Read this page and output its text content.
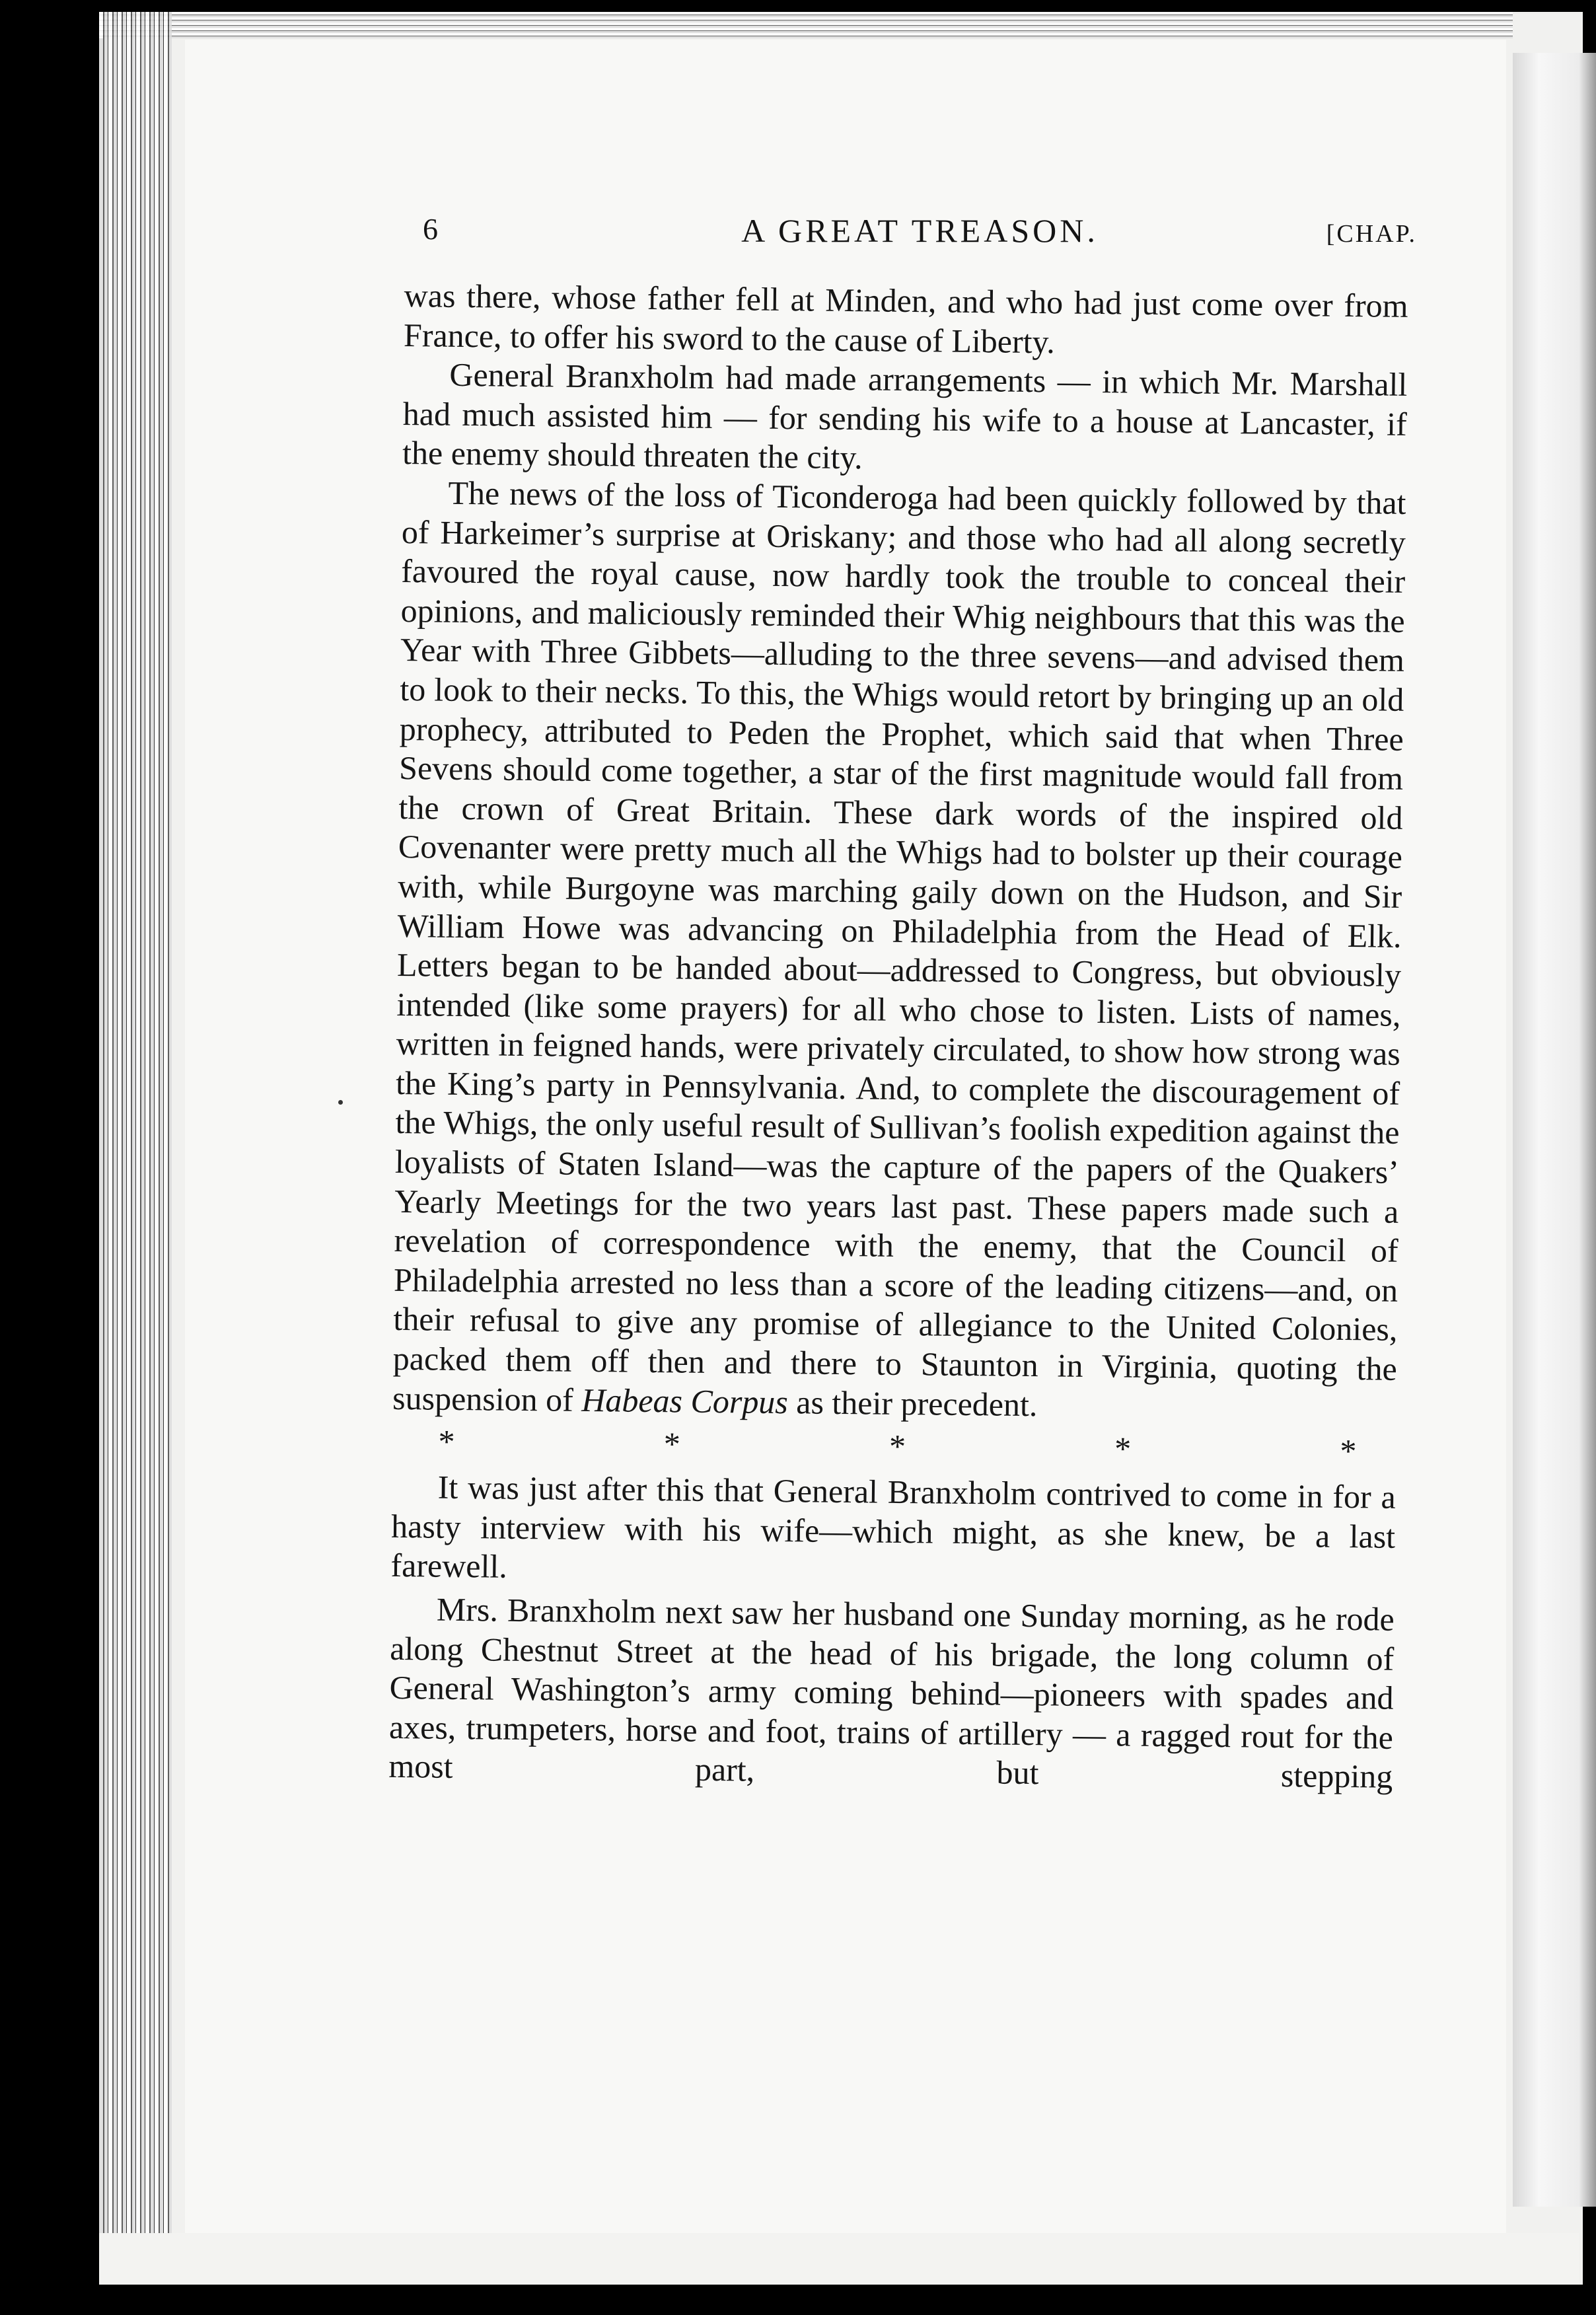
6	A GREAT TREASON.	[CHAP.

was there, whose father fell at Minden, and who had just come over from France, to offer his sword to the cause of Liberty.

General Branxholm had made arrangements — in which Mr. Marshall had much assisted him — for sending his wife to a house at Lancaster, if the enemy should threaten the city.

The news of the loss of Ticonderoga had been quickly followed by that of Harkeimer’s surprise at Oriskany; and those who had all along secretly favoured the royal cause, now hardly took the trouble to conceal their opinions, and maliciously reminded their Whig neighbours that this was the Year with Three Gibbets—alluding to the three sevens—and advised them to look to their necks. To this, the Whigs would retort by bringing up an old prophecy, attributed to Peden the Prophet, which said that when Three Sevens should come together, a star of the first magnitude would fall from the crown of Great Britain. These dark words of the inspired old Covenanter were pretty much all the Whigs had to bolster up their courage with, while Burgoyne was marching gaily down on the Hudson, and Sir William Howe was advancing on Philadelphia from the Head of Elk. Letters began to be handed about—addressed to Congress, but obviously intended (like some prayers) for all who chose to listen. Lists of names, written in feigned hands, were privately circulated, to show how strong was the King’s party in Pennsylvania. And, to complete the discouragement of the Whigs, the only useful result of Sullivan’s foolish expedition against the loyalists of Staten Island—was the capture of the papers of the Quakers’ Yearly Meetings for the two years last past. These papers made such a revelation of correspondence with the enemy, that the Council of Philadelphia arrested no less than a score of the leading citizens—and, on their refusal to give any promise of allegiance to the United Colonies, packed them off then and there to Staunton in Virginia, quoting the suspension of Habeas Corpus as their precedent.

*	*	*	*	*

It was just after this that General Branxholm contrived to come in for a hasty interview with his wife—which might, as she knew, be a last farewell.

Mrs. Branxholm next saw her husband one Sunday morning, as he rode along Chestnut Street at the head of his brigade, the long column of General Washington’s army coming behind—pioneers with spades and axes, trumpeters, horse and foot, trains of artillery — a ragged rout for the most part, but stepping
